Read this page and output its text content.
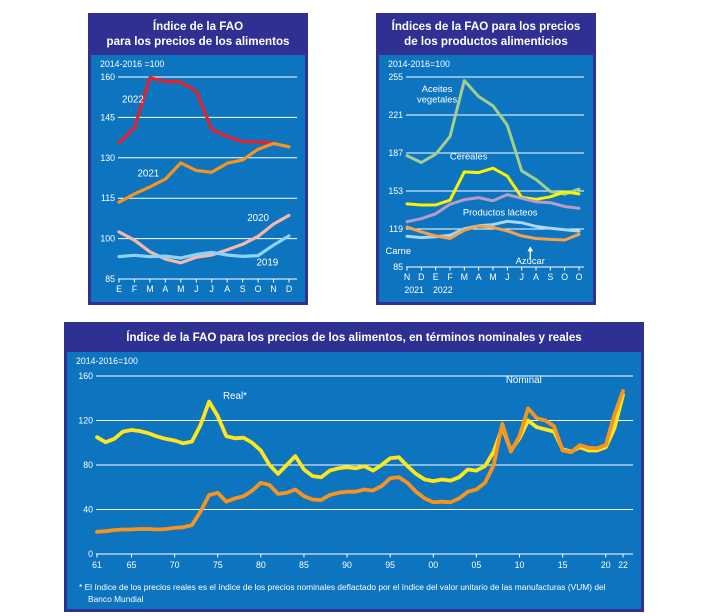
Índice de la FAO
para los precios de los alimentos
2014-2016 =100
160
145
130
115
100
85
E F M A M J J A S O N D
2022
2021
2020
2019
Índices de la FAO para los precios
de los productos alimenticios
2014-2016=100
255
221
187
153
119
85
N D E F M A M J J A S O O
2021 2022
Aceites vegetales
Cereales
Productos lácteos
Carne
Azúcar
Índice de la FAO para los precios de los alimentos, en términos nominales y reales
2014-2016=100
160
120
80
40
0
61	65	70	75	80	85	90	95	00	05	10	15	20 22
Real*
Nominal
* El índice de los precios reales es el índice de los precios nominales deflactado por el índice del valor unitario de las manufacturas (VUM) del Banco Mundial
